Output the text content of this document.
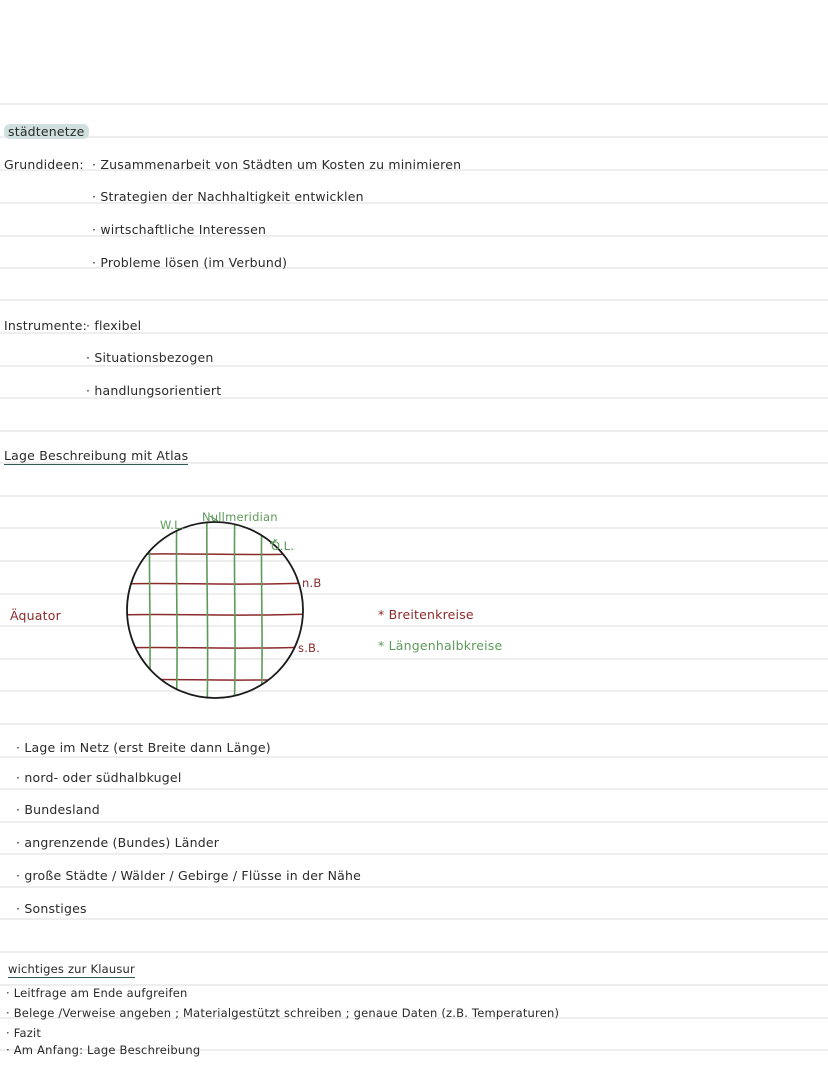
städtenetze
Grundideen: · Zusammenarbeit von Städten um Kosten zu minimieren
· Strategien der Nachhaltigkeit entwicklen
· wirtschaftliche Interessen
· Probleme lösen (im Verbund)
Instrumente:
· flexibel
· Situationsbezogen
· handlungsorientiert
Lage Beschreibung mit Atlas
W.L.
Nullmeridian
Ö.L.
n.B
s.B.
Äquator	* Breitenkreise
* Längenhalbkreise
· Lage im Netz (erst Breite dann Länge)
· nord- oder südhalbkugel
· Bundesland
· angrenzende (Bundes) Länder
· große Städte / Wälder / Gebirge / Flüsse in der Nähe
· Sonstiges
wichtiges zur Klausur
· Leitfrage am Ende aufgreifen
· Belege /Verweise angeben ; Materialgestützt schreiben ; genaue Daten (z.B. Temperaturen)
· Fazit
· Am Anfang: Lage Beschreibung
